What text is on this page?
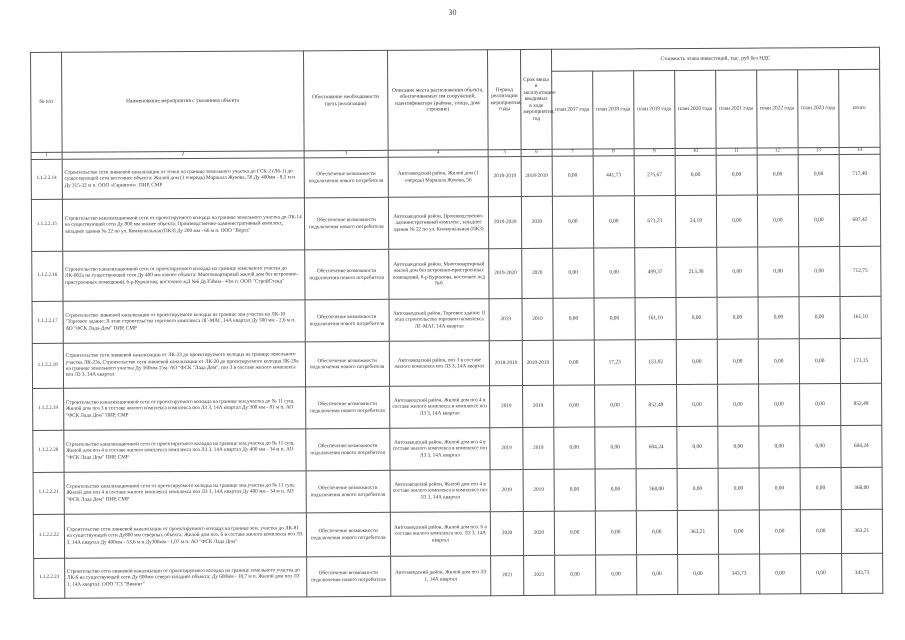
30
№ п/п	Наименование мероприятия с указанием объекта	Обоснование необходимости (цель реализации)	Описание места расположения объекта, обеспечиваемых им сооружений, идентификатора (района, улица, дом/строение)	Период реализации мероприятия, годы	Срок ввода в эксплуатацию вводимых в ходе мероприятия, год	Стоимость этапа инвестиций, тыс. руб без НДС							
						план 2017 года	план 2018 года	план 2019 года	план 2020 года	план 2021 года	план 2022 года	план 2023 года	итого
1	2	3	4	5	6	7	8	9	10	11	12	13	14
1.1.2.2.14	Строительство сети ливневой канализации от точки на границе земельного участка до ГСК-2 (Л6-1) до существующей сети восточнее объекта: Жилой дом (1 очередь) Маршала Жукова, 5б Ду 400мм - 8,5 м и Ду 315-32 м п. ООО «Гарнизон». ПИР, СМР	Обеспечение возможности подключения нового потребителя	Автозаводский район, Жилой дом (1 очередь) Маршала Жукова, 5б	2018-2019	2018-2019	0,00	441,73	275,67	0,00	0,00	0,00	0,00	717,40
1.1.2.2.15	Строительство канализационной сети от проектируемого колодца на границе земельного участка до ЛК-14 на существующей сети Ду 800 мм южнее объекта: Производственно-административный комплекс, западнее здания № 22 по ул. Коммунальная (ПКЗ) Ду 200 мм - 66 м п. ООО "Ворта"	Обеспечение возможности подключения нового потребителя	Автозаводский район, Производственно-административный комплекс, западнее здания № 22 по ул. Коммунальная (ПКЗ)	2019-2020	2020	0,00	0,00	673,23	24,19	0,00	0,00	0,00	697,42
1.1.2.2.16	Строительство канализационной сети от проектируемого колодца на границе земельного участка до ЛК-0б2а на существующей сети Ду 400 мм южнее объекта: Многоквартирный жилой дом без встроенно-пристроенных помещений, б-р Курчатова, восточнее жД №6 Ду350мм - 43м п. ООО "СтройСтанд"	Обеспечение возможности подключения нового потребителя	Автозаводский район, Многоквартирный жилой дом без встроенно-пристроенных помещений, б-р Курчатова, восточнее ж/д №6	2019-2020	2020	0,00	0,00	499,37	213,38	0,00	0,00	0,00	712,75
1.1.2.2.17	Строительство ливневой канализации от проектируемого колодца на границе зем.участка на ЛК-10 "Торговое здание: II этап строительства торгового комплекса ЛГ-МАГ, 14А квартал Ду 500 мм - 2,6 м п. АО "ФСК Лада-Дом" ПИР, СМР	Обеспечение возможности подключения нового потребителя	Автозаводский район, Торговое здание: II этап строительства торгового комплекса ЛГ-МАГ, 14А квартал	2019	2019	0,00	0,00	161,10	0,00	0,00	0,00	0,00	161,10
1.1.2.2.18	Строительство сети ливневой канализации от ЛК-23 до проектируемого колодца на границе земельного участка ЛК-23а. Строительство сети ливневой канализации от ЛК-20 до проектируемого колодца ЛК-20а на границе земельного участка Ду 160мм-15м. АО "ФСК "Лада Дом", поз 3 в составе жилого комплекса поз ЛЗ 3, 14А квартал	Обеспечение возможности подключения нового потребителя	Автозаводский район, поз 3 в составе жилого комплекса поз ЛЗ 3, 14А квартал	2018-2019	2018-2019	0,00	17,23	153,92	0,00	0,00	0,00	0,00	171,15
1.1.2.2.19	Строительство канализационной сети от проектируемого колодца на границе зем.участка до № 11 сущ. Жилой дом поз 3 в составе жилого комплекса комплекса поз ЛЗ 3, 14А квартал Ду 300 мм - 81 м п. АО "ФСК Лада Дом" ПИР, СМР	Обеспечение возможности подключения нового потребителя	Автозаводский район, Жилой дом поз 4 в составе жилого комплекса в комплексе поз ЛЗ 3, 14А квартал	2019	2019	0,00	0,00	852,49	0,00	0,00	0,00	0,00	852,49
1.1.2.2.20	Строительство канализационной сети от проектируемого колодца на границе зем.участка до № 11 сущ. Жилой дом поз 4 в составе жилого комплекса комплекса поз ЛЗ 3, 14А квартал Ду 400 мм - 34 м п. АО "ФСК Лада Дом" ПИР, СМР	Обеспечение возможности подключения нового потребителя	Автозаводский район, Жилой дом поз 4 в составе жилого комплекса в комплексе поз ЛЗ 3, 14А квартал	2019	2019	0,00	0,00	604,24	0,00	0,00	0,00	0,00	604,24
1.1.2.2.21	Строительство канализационной сети от проектируемого колодца на границе зем.участка до № 11 сущ. Жилой дом поз 4 в составе жилого комплекса комплекса поз ЛЗ 3, 14А квартал Ду 400 мм - 34 м п. АО "ФСК Лада Дом" ПИР, СМР	Обеспечение возможности подключения нового потребителя	Автозаводский район, Жилой дом поз 4 в составе жилого комплекса в комплексе поз ЛЗ 3, 14А квартал	2019	2019	0,00	0,00	368,00	0,00	0,00	0,00	0,00	368,00
1.1.2.2.22	Строительство сети ливневой канализации от проектируемого колодца на границе зем. участка до ЛК-81 на существующей сети Ду800 мм северных объекта: Жилой дом поз. 6 в составе жилого комплекса поз ЛЗ 3, 14А квартал Ду 400мм - 53,6 м и Ду300мм - 1,07 м п. АО "ФСК Лада Дом"	Обеспечение возможности подключения нового потребителя	Автозаводский район, Жилой дом поз. 6 в составе жилого комплекса поз. ЛЗ 3, 14А квартал	2020	2020	0,00	0,00	0,00	363,21	0,00	0,00	0,00	363,21
1.1.2.2.23	Строительство сети ливневой канализации от проектируемого колодца на границе земельного участка до ЛК-6 на существующей сети Ду 600мм северо-западнее объекта: Ду 600мм - 18,7 м п. Жилой дом поз ЛЗ 1, 14А квартал. ООО "СЗ "Викинг"	Обеспечение возможности подключения нового потребителя	Автозаводский район, Жилой дом поз ЛЗ 1, 14А квартал	2021	2021	0,00	0,00	0,00	0,00	343,73	0,00	0,00	343,73
